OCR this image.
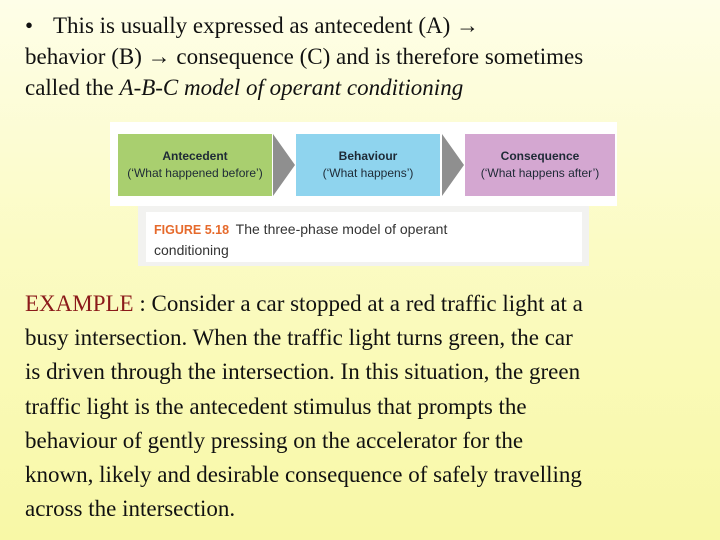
• This is usually expressed as antecedent (A) →
behavior (B) → consequence (C) and is therefore sometimes
called the A-B-C model of operant conditioning
Antecedent
(‘What happened before’)
Behaviour
(‘What happens’)
Consequence
(‘What happens after’)
FIGURE 5.18 The three-phase model of operant
conditioning
EXAMPLE : Consider a car stopped at a red traffic light at a
busy intersection. When the traffic light turns green, the car
is driven through the intersection. In this situation, the green
traffic light is the antecedent stimulus that prompts the
behaviour of gently pressing on the accelerator for the
known, likely and desirable consequence of safely travelling
across the intersection.
